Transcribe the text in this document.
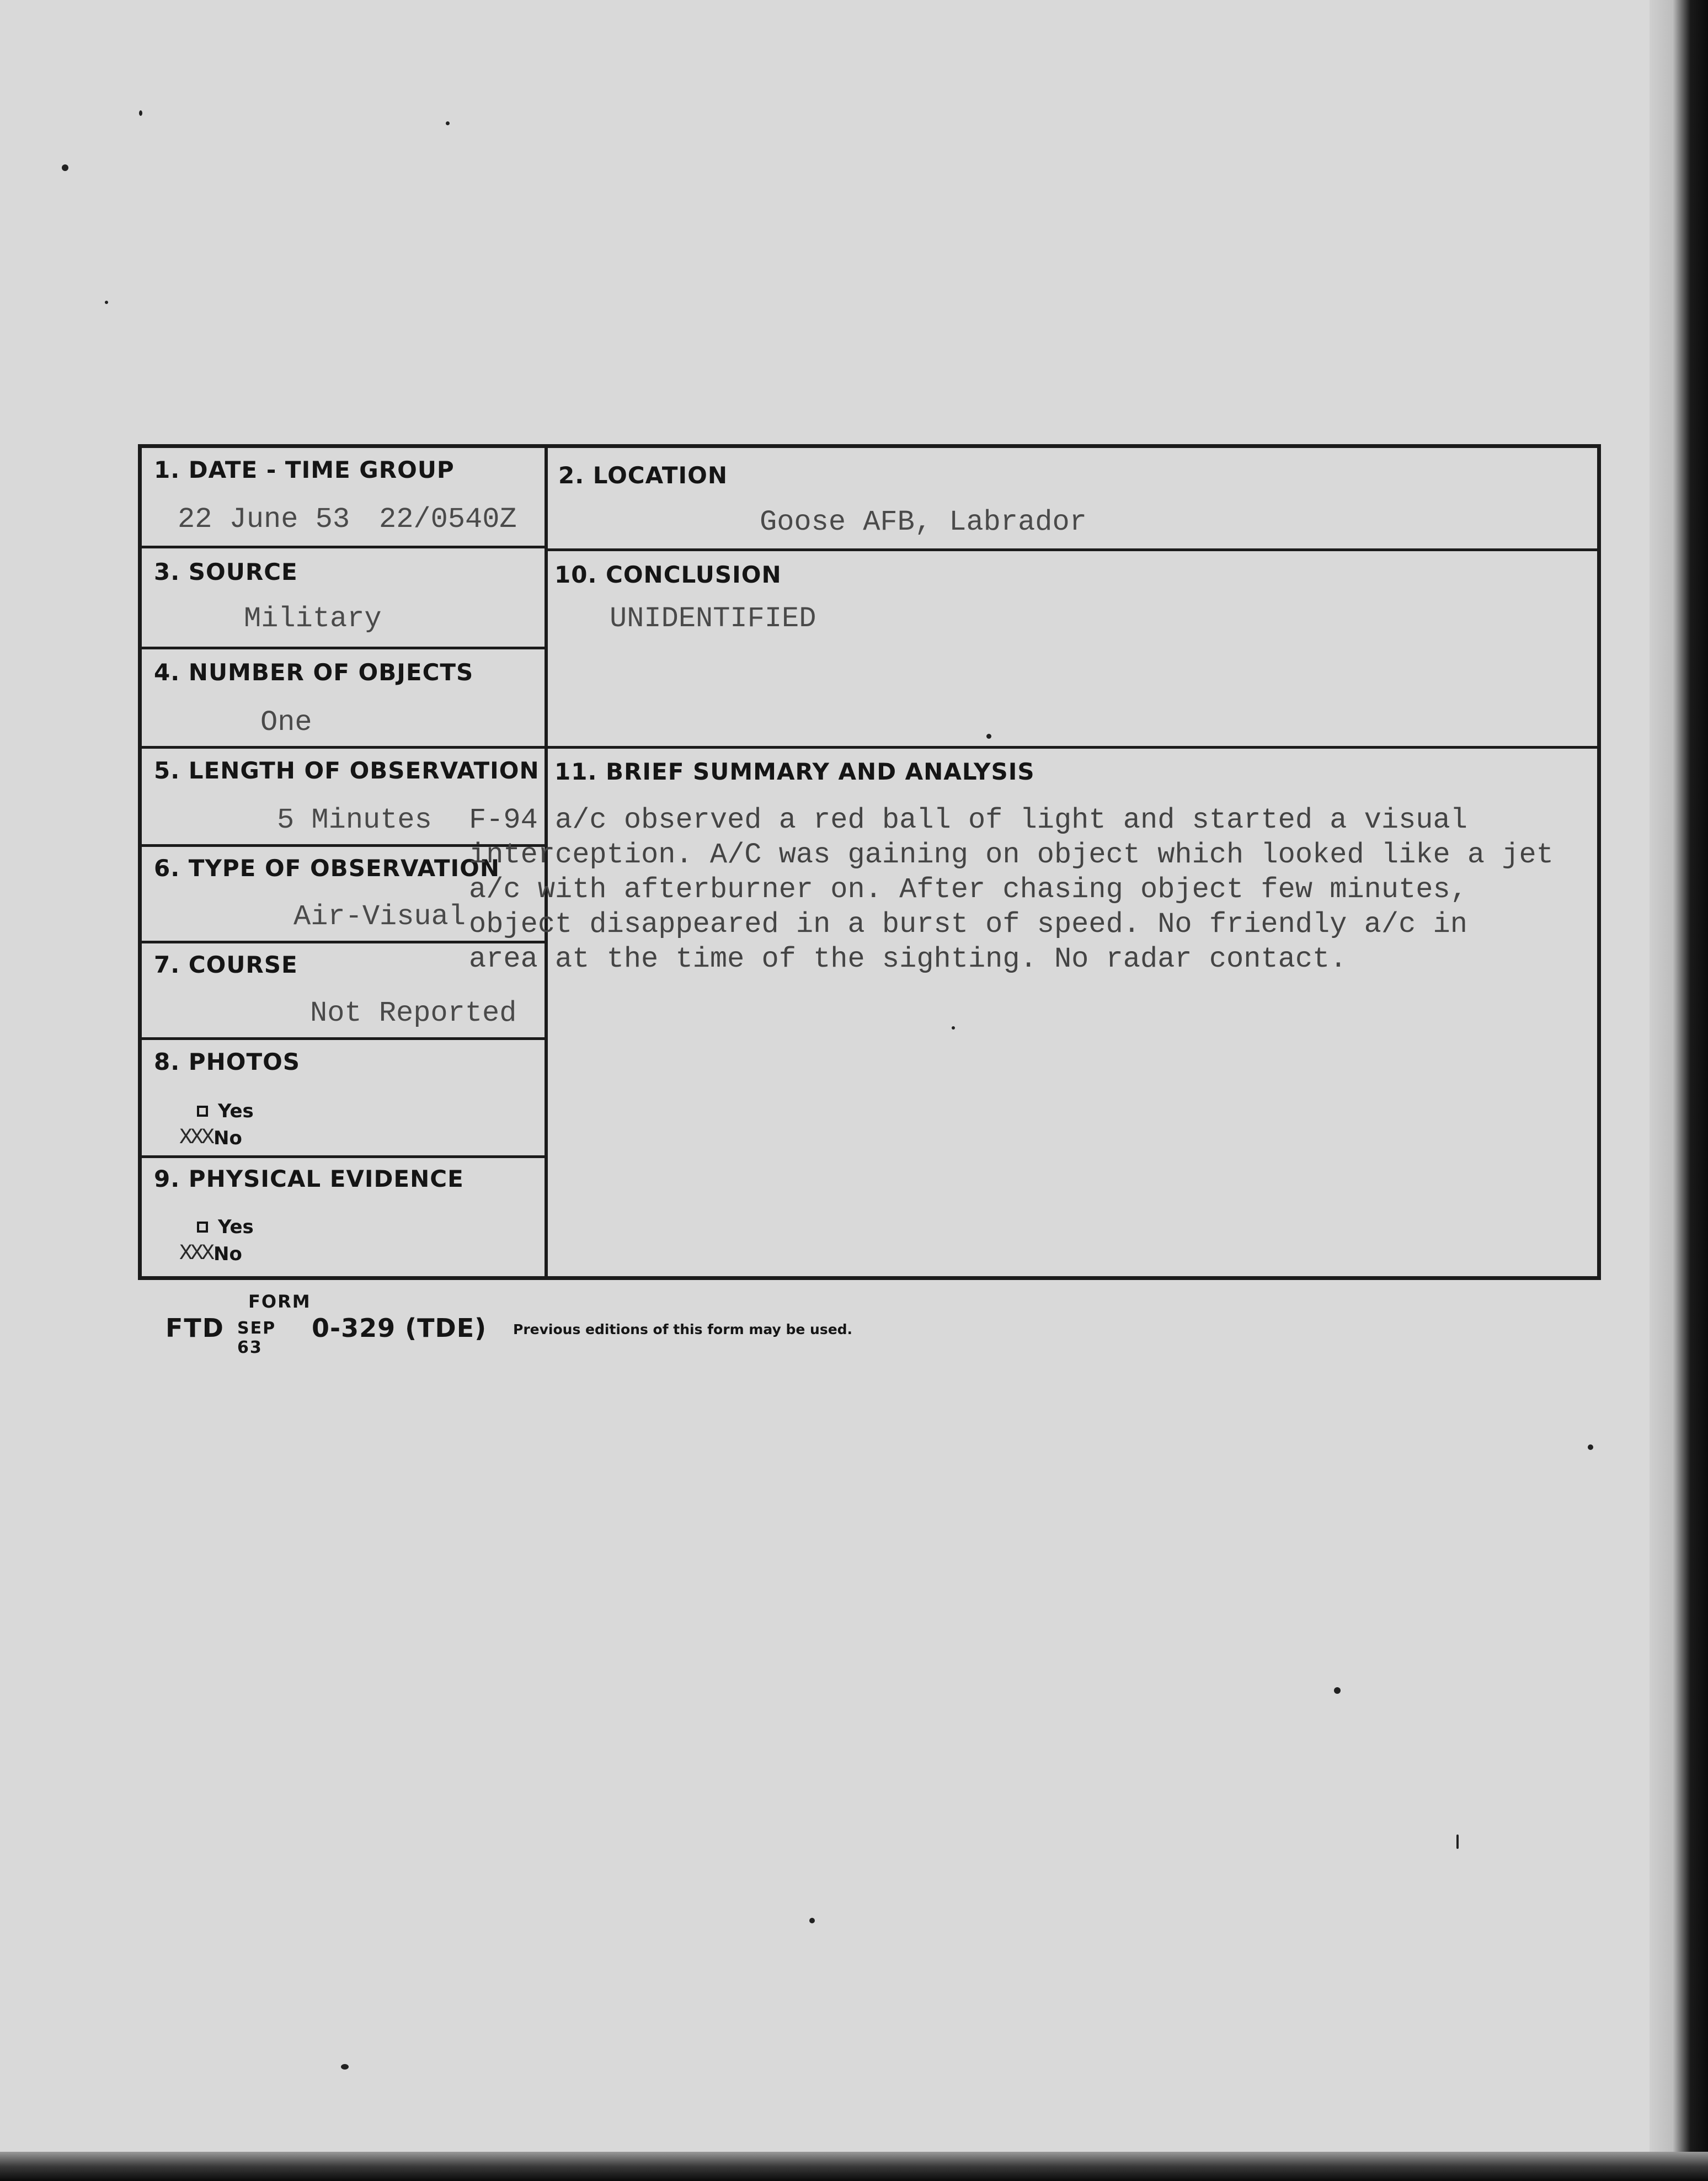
1. DATE - TIME GROUP
22 June 53 22/0540Z
2. LOCATION
Goose AFB, Labrador
3. SOURCE
Military
4. NUMBER OF OBJECTS
One
5. LENGTH OF OBSERVATION
5 Minutes
6. TYPE OF OBSERVATION
Air-Visual
7. COURSE
Not Reported
8. PHOTOS
Yes
XXX No
9. PHYSICAL EVIDENCE
Yes
XXX No
10. CONCLUSION
UNIDENTIFIED
11. BRIEF SUMMARY AND ANALYSIS
F-94 a/c observed a red ball of light and started a visual
interception. A/C was gaining on object which looked like a jet
a/c with afterburner on. After chasing object few minutes,
object disappeared in a burst of speed. No friendly a/c in
area at the time of the sighting. No radar contact.
FORM
FTD SEP 63
0-329 (TDE) Previous editions of this form may be used.
